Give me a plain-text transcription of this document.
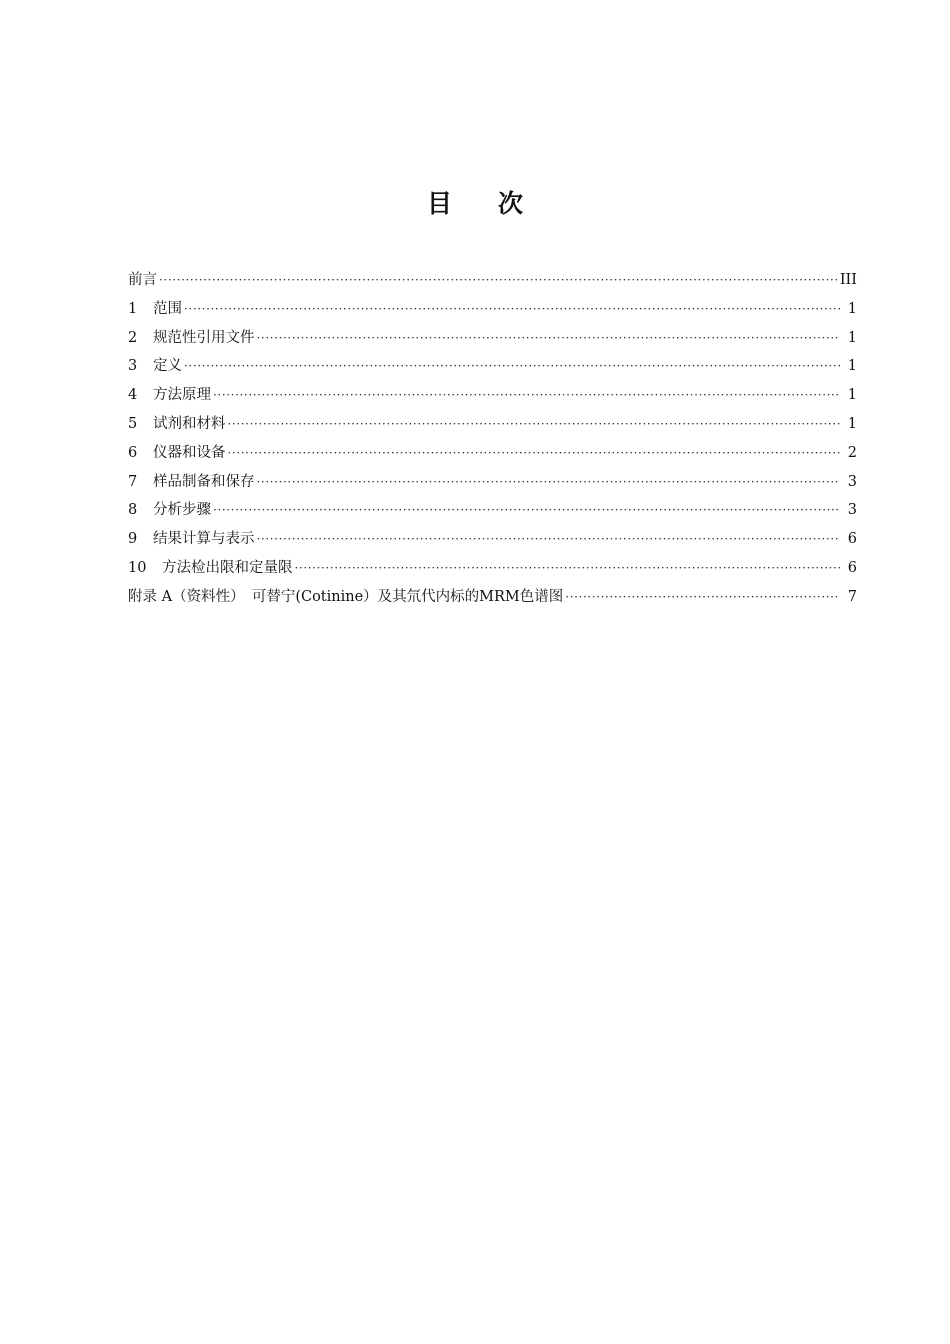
目 次
前言 ·····	III
1	范围 ·····	1
2	规范性引用文件 ·····	1
3	定义 ·····	1
4	方法原理 ·····	1
5	试剂和材料 ·····	1
6	仪器和设备 ·····	2
7	样品制备和保存 ·····	3
8	分析步骤 ·····	3
9	结果计算与表示 ·····	6
10	方法检出限和定量限 ·····	6
附录 A（资料性）　可替宁(Cotinine）及其氘代内标的MRM色谱图 ·····	7
